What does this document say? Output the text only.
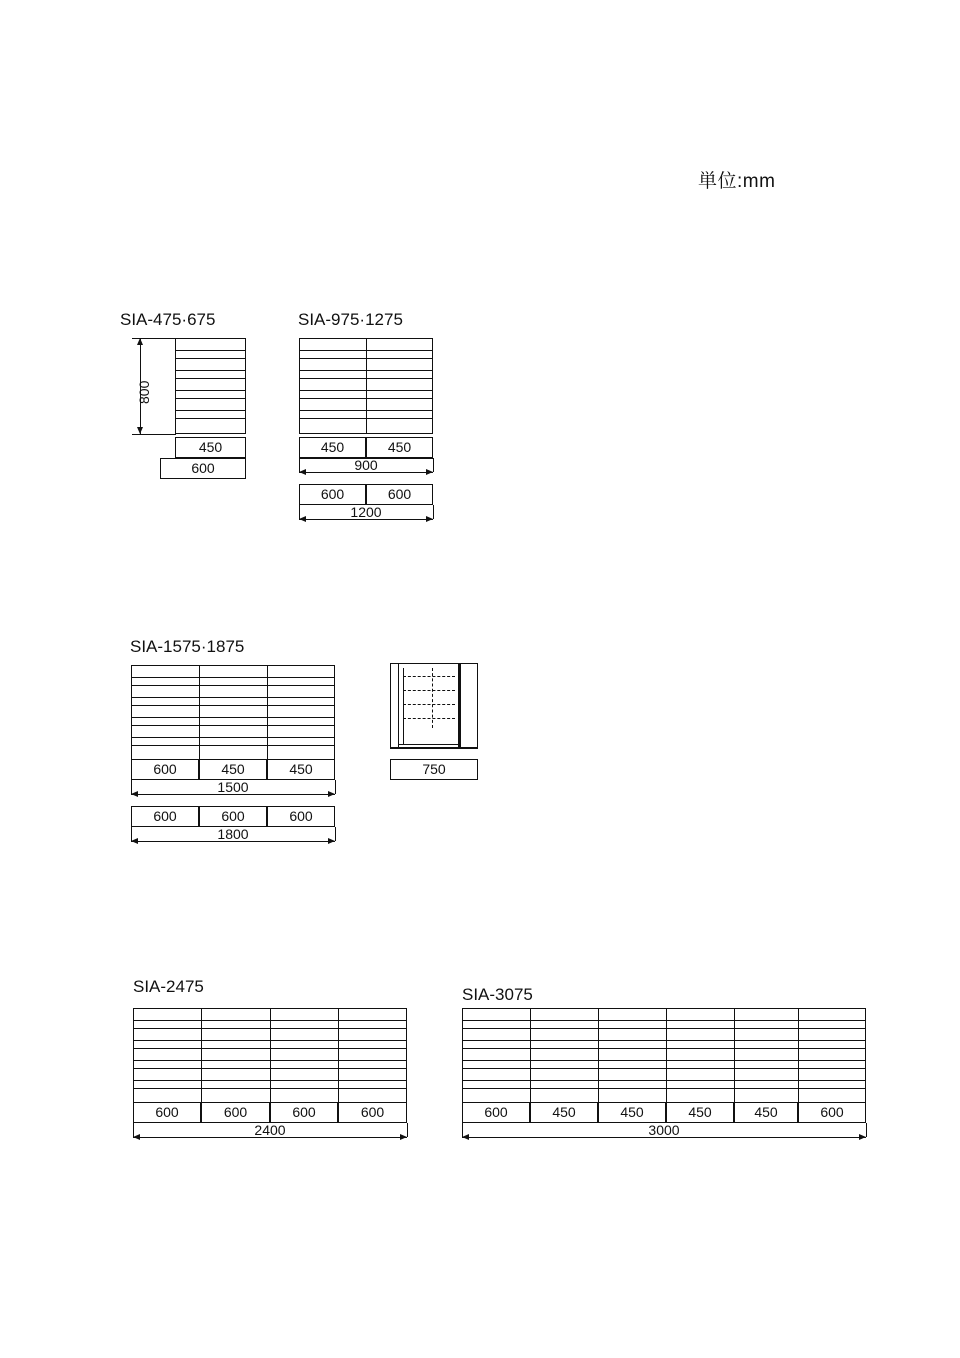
単位:mm
SIA-475·675
800
450
600
SIA-975·1275
450	450
900
600	600
1200
SIA-1575·1875
600	450	450
1500
600	600	600
1800
750
SIA-2475
600	600	600	600
2400
SIA-3075
600	450	450	450	450	600
3000
